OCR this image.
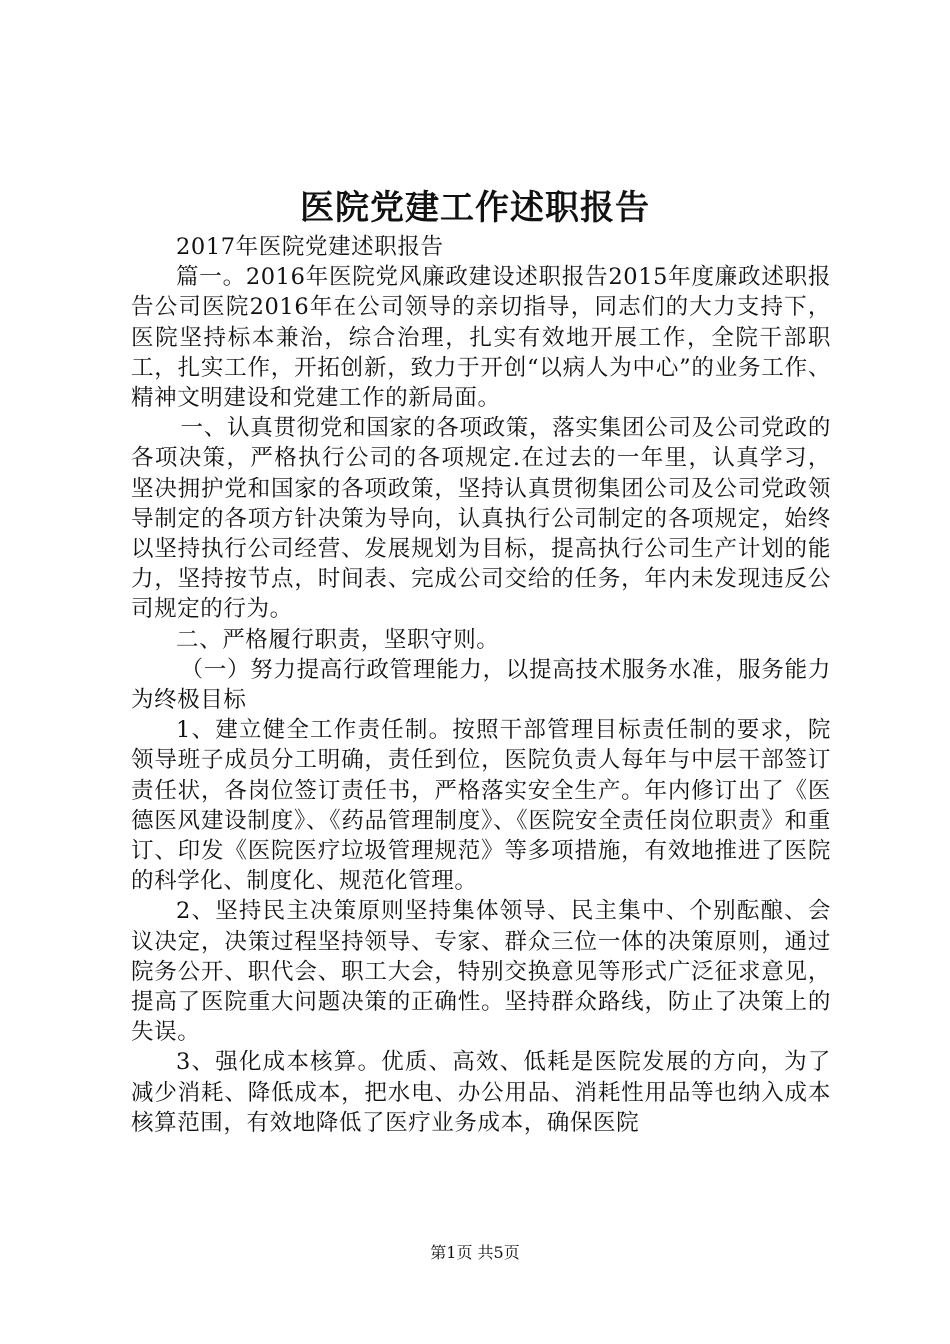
医院党建工作述职报告

2017年医院党建述职报告

篇一。2016年医院党风廉政建设述职报告2015年度廉政述职报告公司医院2016年在公司领导的亲切指导，同志们的大力支持下，医院坚持标本兼治，综合治理，扎实有效地开展工作，全院干部职工，扎实工作，开拓创新，致力于开创“以病人为中心”的业务工作、精神文明建设和党建工作的新局面。

一、认真贯彻党和国家的各项政策，落实集团公司及公司党政的各项决策，严格执行公司的各项规定.在过去的一年里，认真学习，坚决拥护党和国家的各项政策，坚持认真贯彻集团公司及公司党政领导制定的各项方针决策为导向，认真执行公司制定的各项规定，始终以坚持执行公司经营、发展规划为目标，提高执行公司生产计划的能力，坚持按节点，时间表、完成公司交给的任务，年内未发现违反公司规定的行为。

二、严格履行职责，坚职守则。

（一）努力提高行政管理能力，以提高技术服务水准，服务能力为终极目标

1、建立健全工作责任制。按照干部管理目标责任制的要求，院领导班子成员分工明确，责任到位，医院负责人每年与中层干部签订责任状，各岗位签订责任书，严格落实安全生产。年内修订出了《医德医风建设制度》、《药品管理制度》、《医院安全责任岗位职责》和重订、印发《医院医疗垃圾管理规范》等多项措施，有效地推进了医院的科学化、制度化、规范化管理。

2、坚持民主决策原则坚持集体领导、民主集中、个别酝酿、会议决定，决策过程坚持领导、专家、群众三位一体的决策原则，通过院务公开、职代会、职工大会，特别交换意见等形式广泛征求意见，提高了医院重大问题决策的正确性。坚持群众路线，防止了决策上的失误。

3、强化成本核算。优质、高效、低耗是医院发展的方向，为了减少消耗、降低成本，把水电、办公用品、消耗性用品等也纳入成本核算范围，有效地降低了医疗业务成本，确保医院

第1页 共5页
